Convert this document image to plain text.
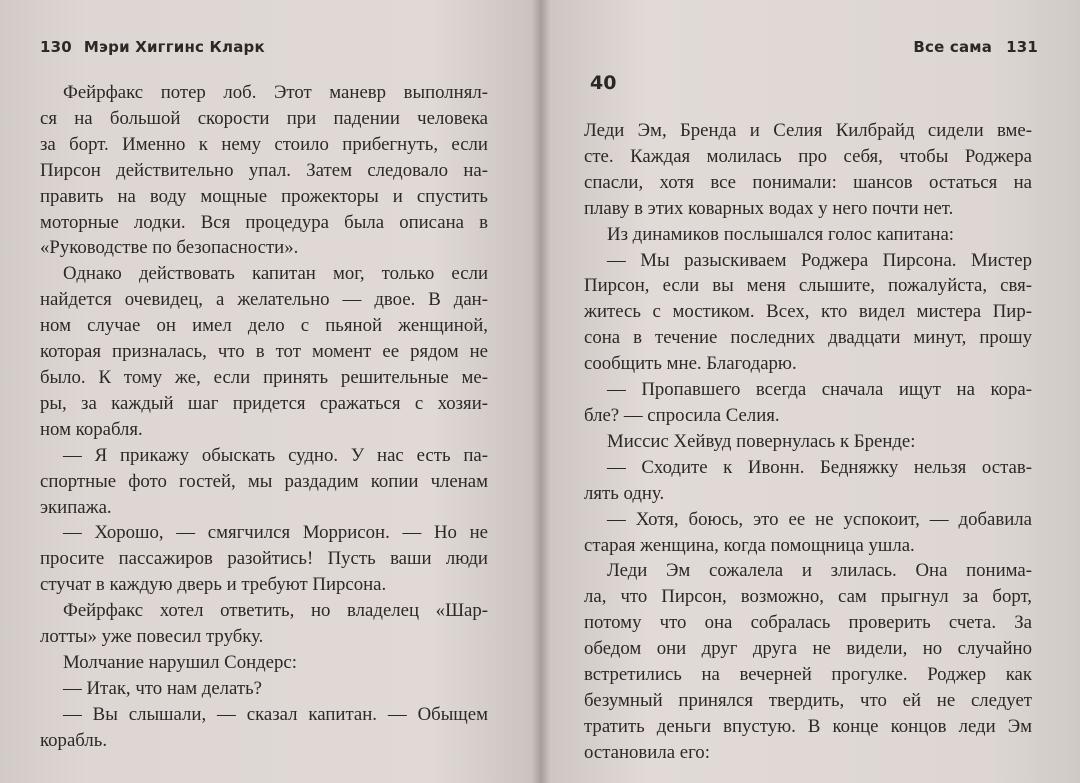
130 Мэри Хиггинс Кларк
Фейрфакс потер лоб. Этот маневр выполнял-
ся на большой скорости при падении человека
за борт. Именно к нему стоило прибегнуть, если
Пирсон действительно упал. Затем следовало на-
править на воду мощные прожекторы и спустить
моторные лодки. Вся процедура была описана в
«Руководстве по безопасности».
Однако действовать капитан мог, только если
найдется очевидец, а желательно — двое. В дан-
ном случае он имел дело с пьяной женщиной,
которая призналась, что в тот момент ее рядом не
было. К тому же, если принять решительные ме-
ры, за каждый шаг придется сражаться с хозяи-
ном корабля.
— Я прикажу обыскать судно. У нас есть па-
спортные фото гостей, мы раздадим копии членам
экипажа.
— Хорошо, — смягчился Моррисон. — Но не
просите пассажиров разойтись! Пусть ваши люди
стучат в каждую дверь и требуют Пирсона.
Фейрфакс хотел ответить, но владелец «Шар-
лотты» уже повесил трубку.
Молчание нарушил Сондерс:
— Итак, что нам делать?
— Вы слышали, — сказал капитан. — Обыщем
корабль.
Все сама 131
40
Леди Эм, Бренда и Селия Килбрайд сидели вме-
сте. Каждая молилась про себя, чтобы Роджера
спасли, хотя все понимали: шансов остаться на
плаву в этих коварных водах у него почти нет.
Из динамиков послышался голос капитана:
— Мы разыскиваем Роджера Пирсона. Мистер
Пирсон, если вы меня слышите, пожалуйста, свя-
житесь с мостиком. Всех, кто видел мистера Пир-
сона в течение последних двадцати минут, прошу
сообщить мне. Благодарю.
— Пропавшего всегда сначала ищут на кора-
бле? — спросила Селия.
Миссис Хейвуд повернулась к Бренде:
— Сходите к Ивонн. Бедняжку нельзя остав-
лять одну.
— Хотя, боюсь, это ее не успокоит, — добавила
старая женщина, когда помощница ушла.
Леди Эм сожалела и злилась. Она понима-
ла, что Пирсон, возможно, сам прыгнул за борт,
потому что она собралась проверить счета. За
обедом они друг друга не видели, но случайно
встретились на вечерней прогулке. Роджер как
безумный принялся твердить, что ей не следует
тратить деньги впустую. В конце концов леди Эм
остановила его:
